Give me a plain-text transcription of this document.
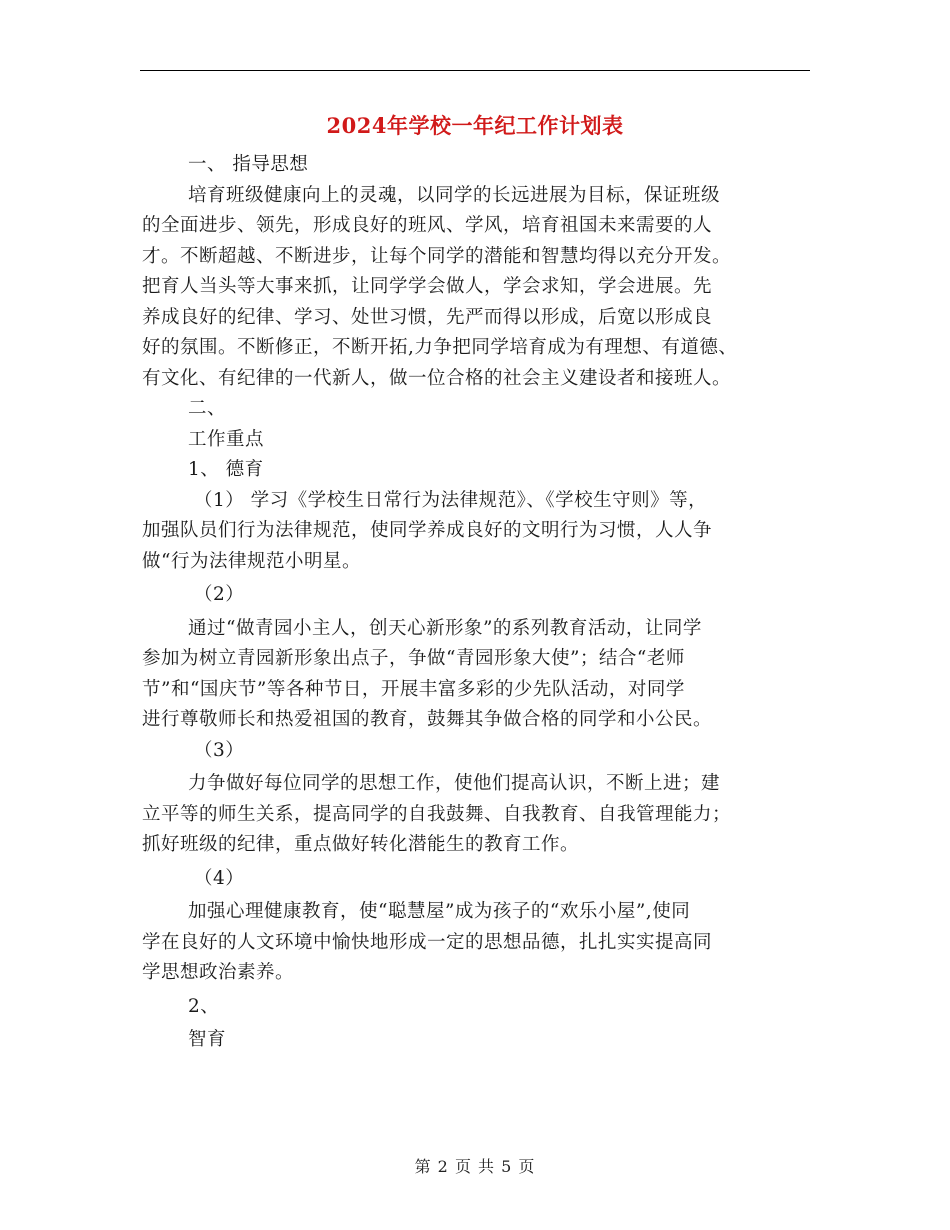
2024年学校一年纪工作计划表
一、 指导思想
培育班级健康向上的灵魂，以同学的长远进展为目标，保证班级
的全面进步、领先，形成良好的班风、学风，培育祖国未来需要的人
才。不断超越、不断进步，让每个同学的潜能和智慧均得以充分开发。
把育人当头等大事来抓，让同学学会做人，学会求知，学会进展。先
养成良好的纪律、学习、处世习惯，先严而得以形成，后宽以形成良
好的氛围。不断修正，不断开拓,力争把同学培育成为有理想、有道德、
有文化、有纪律的一代新人，做一位合格的社会主义建设者和接班人。
二、
工作重点
1、 德育
（1） 学习《学校生日常行为法律规范》、《学校生守则》等，
加强队员们行为法律规范，使同学养成良好的文明行为习惯，人人争
做“行为法律规范小明星。
（2）
通过“做青园小主人，创天心新形象”的系列教育活动，让同学
参加为树立青园新形象出点子，争做“青园形象大使”；结合“老师
节”和“国庆节”等各种节日，开展丰富多彩的少先队活动，对同学
进行尊敬师长和热爱祖国的教育，鼓舞其争做合格的同学和小公民。
（3）
力争做好每位同学的思想工作，使他们提高认识，不断上进；建
立平等的师生关系，提高同学的自我鼓舞、自我教育、自我管理能力；
抓好班级的纪律，重点做好转化潜能生的教育工作。
（4）
加强心理健康教育，使“聪慧屋”成为孩子的“欢乐小屋”,使同
学在良好的人文环境中愉快地形成一定的思想品德，扎扎实实提高同
学思想政治素养。
2、
智育
第 2 页 共 5 页
